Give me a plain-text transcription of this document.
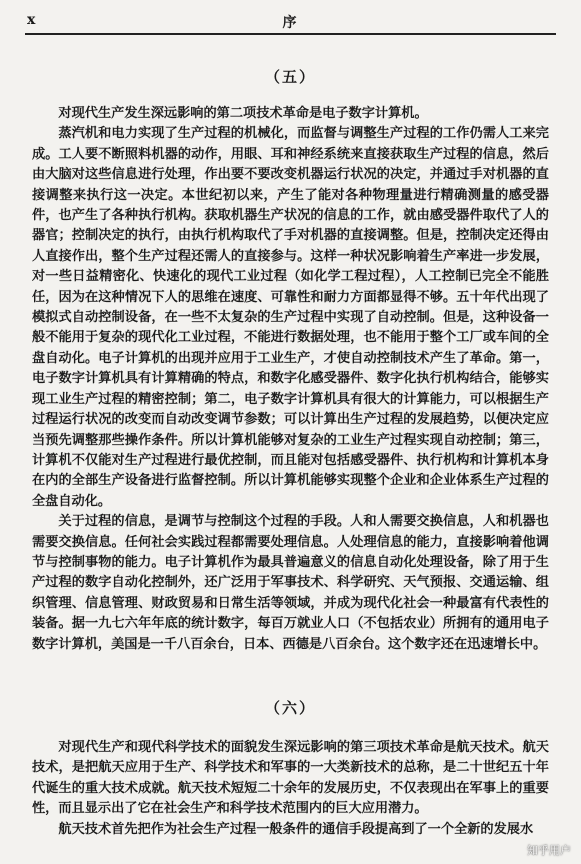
x	序
（五）

对现代生产发生深远影响的第二项技术革命是电子数字计算机。

蒸汽机和电力实现了生产过程的机械化，而监督与调整生产过程的工作仍需人工来完成。工人要不断照料机器的动作，用眼、耳和神经系统来直接获取生产过程的信息，然后由大脑对这些信息进行处理，作出要不要改变机器运行状况的决定，并通过手对机器的直接调整来执行这一决定。本世纪初以来，产生了能对各种物理量进行精确测量的感受器件，也产生了各种执行机构。获取机器生产状况的信息的工作，就由感受器件取代了人的器官；控制决定的执行，由执行机构取代了手对机器的直接调整。但是，控制决定还得由人直接作出，整个生产过程还需人的直接参与。这样一种状况影响着生产率进一步发展，对一些日益精密化、快速化的现代工业过程（如化学工程过程），人工控制已完全不能胜任，因为在这种情况下人的思维在速度、可靠性和耐力方面都显得不够。五十年代出现了模拟式自动控制设备，在一些不太复杂的生产过程中实现了自动控制。但是，这种设备一般不能用于复杂的现代化工业过程，不能进行数据处理，也不能用于整个工厂或车间的全盘自动化。电子计算机的出现并应用于工业生产，才使自动控制技术产生了革命。第一，电子数字计算机具有计算精确的特点，和数字化感受器件、数字化执行机构结合，能够实现工业生产过程的精密控制；第二，电子数字计算机具有很大的计算能力，可以根据生产过程运行状况的改变而自动改变调节参数；可以计算出生产过程的发展趋势，以便决定应当预先调整那些操作条件。所以计算机能够对复杂的工业生产过程实现自动控制；第三，计算机不仅能对生产过程进行最优控制，而且能对包括感受器件、执行机构和计算机本身在内的全部生产设备进行监督控制。所以计算机能够实现整个企业和企业体系生产过程的全盘自动化。

关于过程的信息，是调节与控制这个过程的手段。人和人需要交换信息，人和机器也需要交换信息。任何社会实践过程都需要处理信息。人处理信息的能力，直接影响着他调节与控制事物的能力。电子计算机作为最具普遍意义的信息自动化处理设备，除了用于生产过程的数字自动化控制外，还广泛用于军事技术、科学研究、天气预报、交通运输、组织管理、信息管理、财政贸易和日常生活等领域，并成为现代化社会一种最富有代表性的装备。据一九七六年年底的统计数字，每百万就业人口（不包括农业）所拥有的通用电子数字计算机，美国是一千八百余台，日本、西德是八百余台。这个数字还在迅速增长中。

（六）

对现代生产和现代科学技术的面貌发生深远影响的第三项技术革命是航天技术。航天技术，是把航天应用于生产、科学技术和军事的一大类新技术的总称，是二十世纪五十年代诞生的重大技术成就。航天技术短短二十余年的发展历史，不仅表现出在军事上的重要性，而且显示出了它在社会生产和科学技术范围内的巨大应用潜力。

航天技术首先把作为社会生产过程一般条件的通信手段提高到了一个全新的发展水

知乎用户
